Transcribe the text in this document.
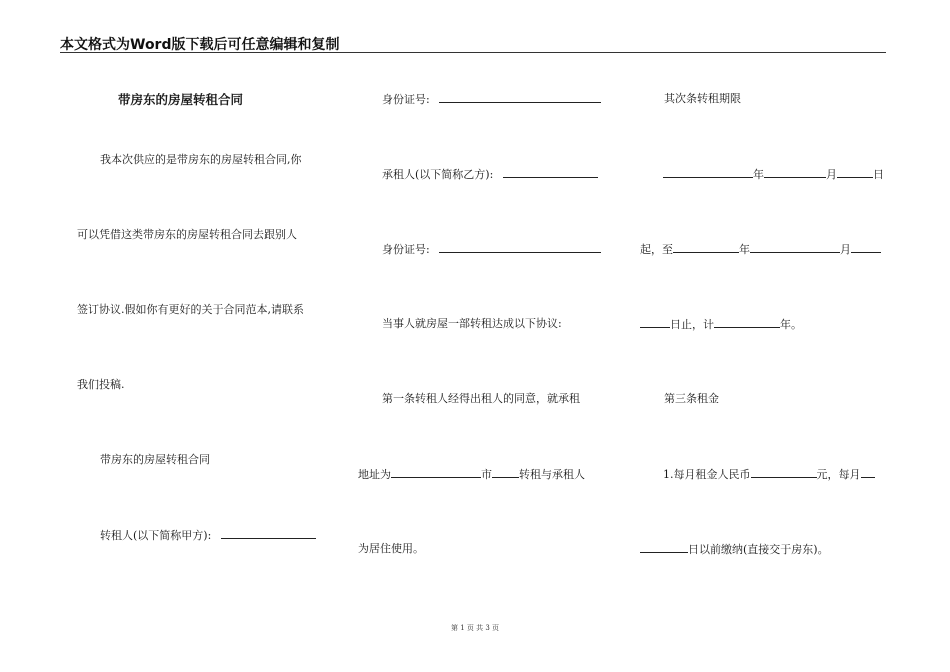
本文格式为Word版下载后可任意编辑和复制
带房东的房屋转租合同
我本次供应的是带房东的房屋转租合同,你
可以凭借这类带房东的房屋转租合同去跟别人
签订协议.假如你有更好的关于合同范本,请联系
我们投稿.
带房东的房屋转租合同
转租人(以下简称甲方):
身份证号:
承租人(以下简称乙方):
身份证号:
当事人就房屋一部转租达成以下协议:
第一条转租人经得出租人的同意，就承租
地址为	市 转租与承租人
为居住使用。
其次条转租期限
年	月	日
起，至	年	月
日止，计	年。
第三条租金
1.每月租金人民币	元，每月
日以前缴纳(直接交于房东)。
第 1 页 共 3 页
